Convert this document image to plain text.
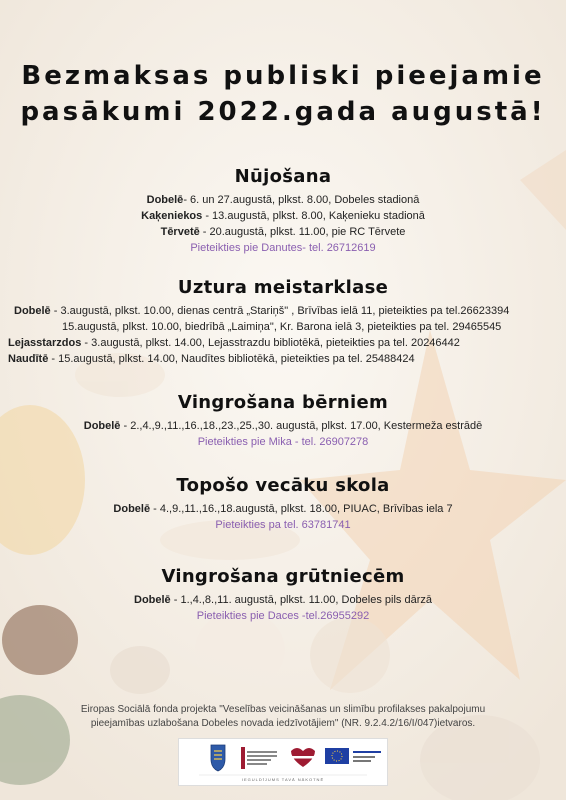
Bezmaksas publiski pieejamie
pasākumi 2022.gada augustā!
Nūjošana
Dobelē- 6. un 27.augustā, plkst. 8.00, Dobeles stadionā
Kaķeniekos - 13.augustā, plkst. 8.00, Kaķenieku stadionā
Tērvetē - 20.augustā, plkst. 11.00, pie RC Tērvete
Pieteikties pie Danutes- tel. 26712619
Uztura meistarklase
Dobelē - 3.augustā, plkst. 10.00, dienas centrā „Stariņš" , Brīvības ielā 11, pieteikties pa tel.26623394
15.augustā, plkst. 10.00, biedrībā „Laimiņa", Kr. Barona ielā 3, pieteikties pa tel. 29465545
Lejasstarzdos - 3.augustā, plkst. 14.00, Lejasstrazdu bibliotēkā, pieteikties pa tel. 20246442
Naudītē - 15.augustā, plkst. 14.00, Naudītes bibliotēkā, pieteikties pa tel. 25488424
Vingrošana bērniem
Dobelē - 2.,4.,9.,11.,16.,18.,23.,25.,30. augustā, plkst. 17.00, Kestermeža estrādē
Pieteikties pie Mika - tel. 26907278
Topošo vecāku skola
Dobelē - 4.,9.,11.,16.,18.augustā, plkst. 18.00, PIUAC, Brīvības iela 7
Pieteikties pa tel. 63781741
Vingrošana grūtniecēm
Dobelē - 1.,4.,8.,11. augustā, plkst. 11.00, Dobeles pils dārzā
Pieteikties pie Daces -tel.26955292
Eiropas Sociālā fonda projekta "Veselības veicināšanas un slimību profilakses pakalpojumu
pieejamības uzlabošana Dobeles novada iedzīvotājiem" (NR. 9.2.4.2/16/I/047)ietvaros.
IEGULDĪJUMS TAVĀ NĀKOTNĒ
